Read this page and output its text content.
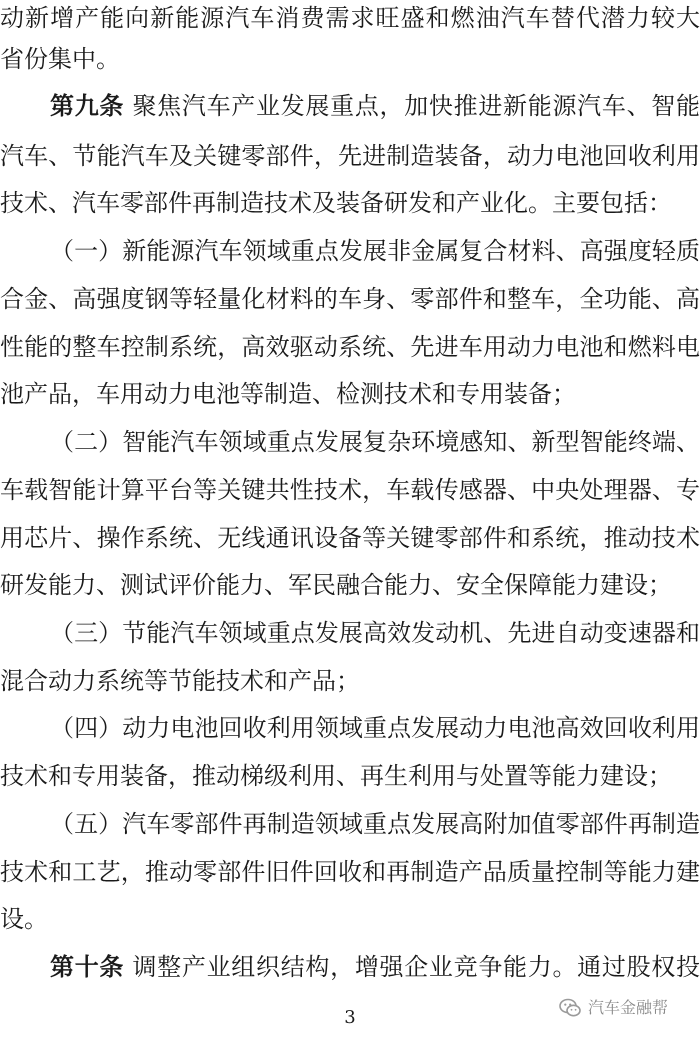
动新增产能向新能源汽车消费需求旺盛和燃油汽车替代潜力较大
省份集中。
第九条 聚焦汽车产业发展重点，加快推进新能源汽车、智能
汽车、节能汽车及关键零部件，先进制造装备，动力电池回收利用
技术、汽车零部件再制造技术及装备研发和产业化。主要包括：
（一）新能源汽车领域重点发展非金属复合材料、高强度轻质
合金、高强度钢等轻量化材料的车身、零部件和整车，全功能、高
性能的整车控制系统，高效驱动系统、先进车用动力电池和燃料电
池产品，车用动力电池等制造、检测技术和专用装备；
（二）智能汽车领域重点发展复杂环境感知、新型智能终端、
车载智能计算平台等关键共性技术，车载传感器、中央处理器、专
用芯片、操作系统、无线通讯设备等关键零部件和系统，推动技术
研发能力、测试评价能力、军民融合能力、安全保障能力建设；
（三）节能汽车领域重点发展高效发动机、先进自动变速器和
混合动力系统等节能技术和产品；
（四）动力电池回收利用领域重点发展动力电池高效回收利用
技术和专用装备，推动梯级利用、再生利用与处置等能力建设；
（五）汽车零部件再制造领域重点发展高附加值零部件再制造
技术和工艺，推动零部件旧件回收和再制造产品质量控制等能力建
设。
第十条 调整产业组织结构，增强企业竞争能力。通过股权投
3	汽车金融帮
